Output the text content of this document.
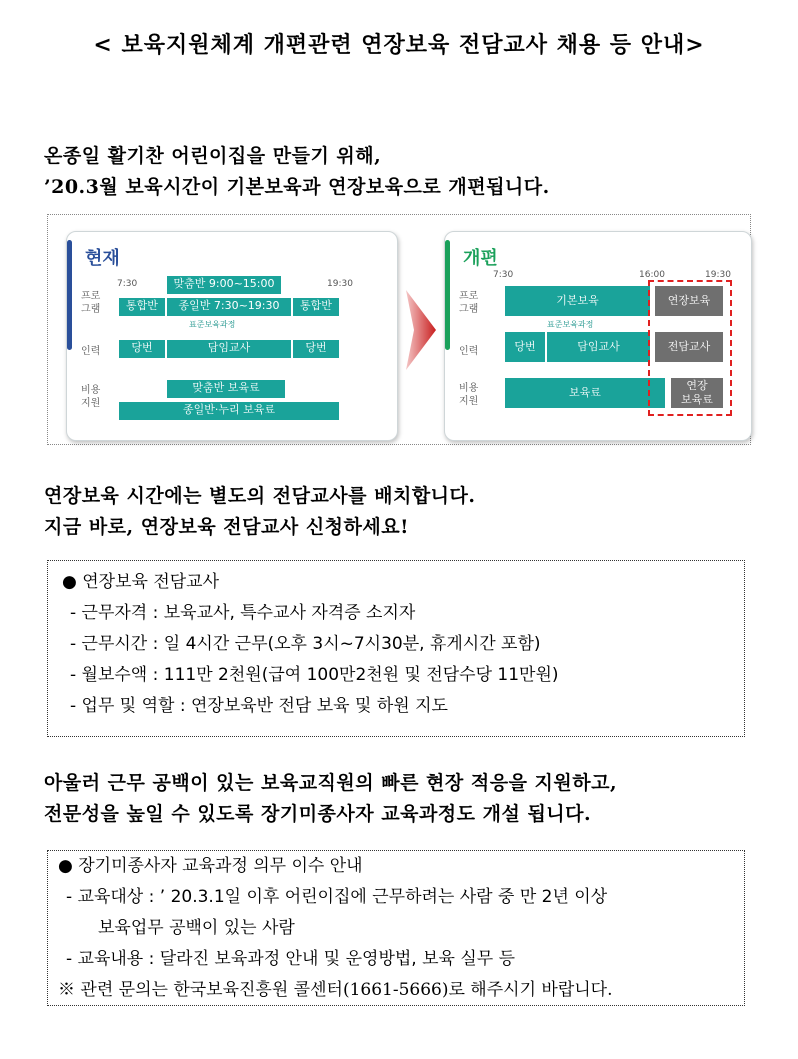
< 보육지원체계 개편관련 연장보육 전담교사 채용 등 안내>
온종일 활기찬 어린이집을 만들기 위해,
’20.3월 보육시간이 기본보육과 연장보육으로 개편됩니다.
현재
7:30	19:30
프로
그램
맞춤반 9:00~15:00
통합반	종일반 7:30~19:30	통합반
표준보육과정
인력	당번	담임교사	당번
비용
지원
맞춤반 보육료
종일반·누리 보육료
개편
7:30	16:00	19:30
프로
그램
기본보육	연장보육
표준보육과정
인력	당번	담임교사	전담교사
비용
지원
보육료
연장
보육료
연장보육 시간에는 별도의 전담교사를 배치합니다.
지금 바로, 연장보육 전담교사 신청하세요!
● 연장보육 전담교사
- 근무자격 : 보육교사, 특수교사 자격증 소지자
- 근무시간 : 일 4시간 근무(오후 3시~7시30분, 휴게시간 포함)
- 월보수액 : 111만 2천원(급여 100만2천원 및 전담수당 11만원)
- 업무 및 역할 : 연장보육반 전담 보육 및 하원 지도
아울러 근무 공백이 있는 보육교직원의 빠른 현장 적응을 지원하고,
전문성을 높일 수 있도록 장기미종사자 교육과정도 개설 됩니다.
● 장기미종사자 교육과정 의무 이수 안내
- 교육대상 : ’ 20.3.1일 이후 어린이집에 근무하려는 사람 중 만 2년 이상
보육업무 공백이 있는 사람
- 교육내용 : 달라진 보육과정 안내 및 운영방법, 보육 실무 등
※ 관련 문의는 한국보육진흥원 콜센터(1661-5666)로 해주시기 바랍니다.
